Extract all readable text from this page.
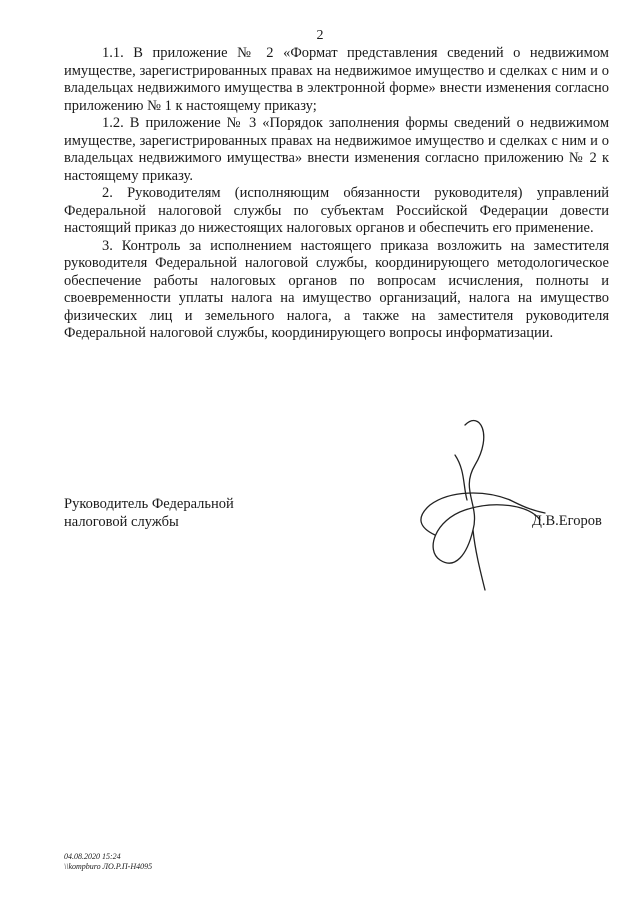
2

1.1. В приложение № 2 «Формат представления сведений о недвижимом имуществе, зарегистрированных правах на недвижимое имущество и сделках с ним и о владельцах недвижимого имущества в электронной форме» внести изменения согласно приложению № 1 к настоящему приказу;

1.2. В приложение № 3 «Порядок заполнения формы сведений о недвижимом имуществе, зарегистрированных правах на недвижимое имущество и сделках с ним и о владельцах недвижимого имущества» внести изменения согласно приложению № 2 к настоящему приказу.

2. Руководителям (исполняющим обязанности руководителя) управлений Федеральной налоговой службы по субъектам Российской Федерации довести настоящий приказ до нижестоящих налоговых органов и обеспечить его применение.

3. Контроль за исполнением настоящего приказа возложить на заместителя руководителя Федеральной налоговой службы, координирующего методологическое обеспечение работы налоговых органов по вопросам исчисления, полноты и своевременности уплаты налога на имущество организаций, налога на имущество физических лиц и земельного налога, а также на заместителя руководителя Федеральной налоговой службы, координирующего вопросы информатизации.

Руководитель Федеральной
налоговой службы	Д.В.Егоров
04.08.2020 15:24
\\kompburo ЛО.Р.П-Н4095
